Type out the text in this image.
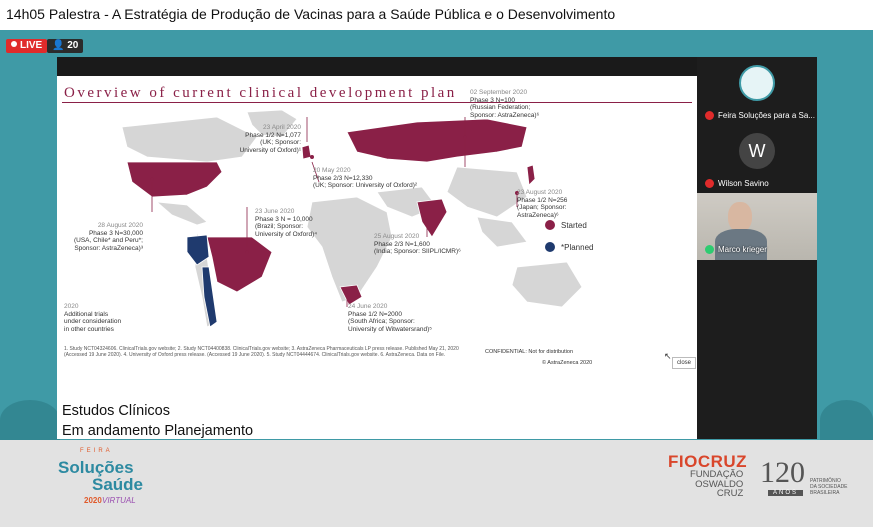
14h05 Palestra - A Estratégia de Produção de Vacinas para a Saúde Pública e o Desenvolvimento
LIVE 👤 20
Overview of current clinical development plan 02 September 2020
Phase 3 N=100
(Russian Federation;
Sponsor: AstraZeneca)⁶
23 April 2020
Phase 1/2 N=1,077
(UK; Sponsor:
University of Oxford)¹
20 May 2020
Phase 2/3 N=12,330
(UK; Sponsor: University of Oxford)²
23 August 2020
Phase 1/2 N=256
(Japan; Sponsor:
AstraZeneca)⁶
28 August 2020
Phase 3 N=30,000
(USA, Chile* and Peru*;
Sponsor: AstraZeneca)³
23 June 2020
Phase 3 N = 10,000
(Brazil; Sponsor:
University of Oxford)⁴	25 August 2020
Phase 2/3 N=1,600
(India; Sponsor: SIIPL/ICMR)⁶
24 June 2020
Phase 1/2 N=2000
(South Africa; Sponsor:
University of Witwatersrand)⁵
2020
Additional trials
under consideration
in other countries
Started
*Planned
1. Study NCT04324606. ClinicalTrials.gov website; 2. Study NCT04400838. ClinicalTrials.gov website; 3. AstraZeneca Pharmaceuticals LP press release. Published May 21, 2020 (Accessed 19 June 2020). 4. University of Oxford press release. (Accessed 19 June 2020). 5. Study NCT04444674. ClinicalTrials.gov website. 6. AstraZeneca. Data on File.	CONFIDENTIAL: Not for distribution
© AstraZeneca 2020
↖
close
Estudos Clínicos
Em andamento Planejamento
Feira Soluções para a Sa...
W
Wilson Savino
Marco krieger
FEIRA
Soluções
Saúde
2020 VIRTUAL
FIOCRUZ
FUNDAÇÃO
OSWALDO
CRUZ
120
ANOS
PATRIMÔNIO
DA SOCIEDADE
BRASILEIRA
